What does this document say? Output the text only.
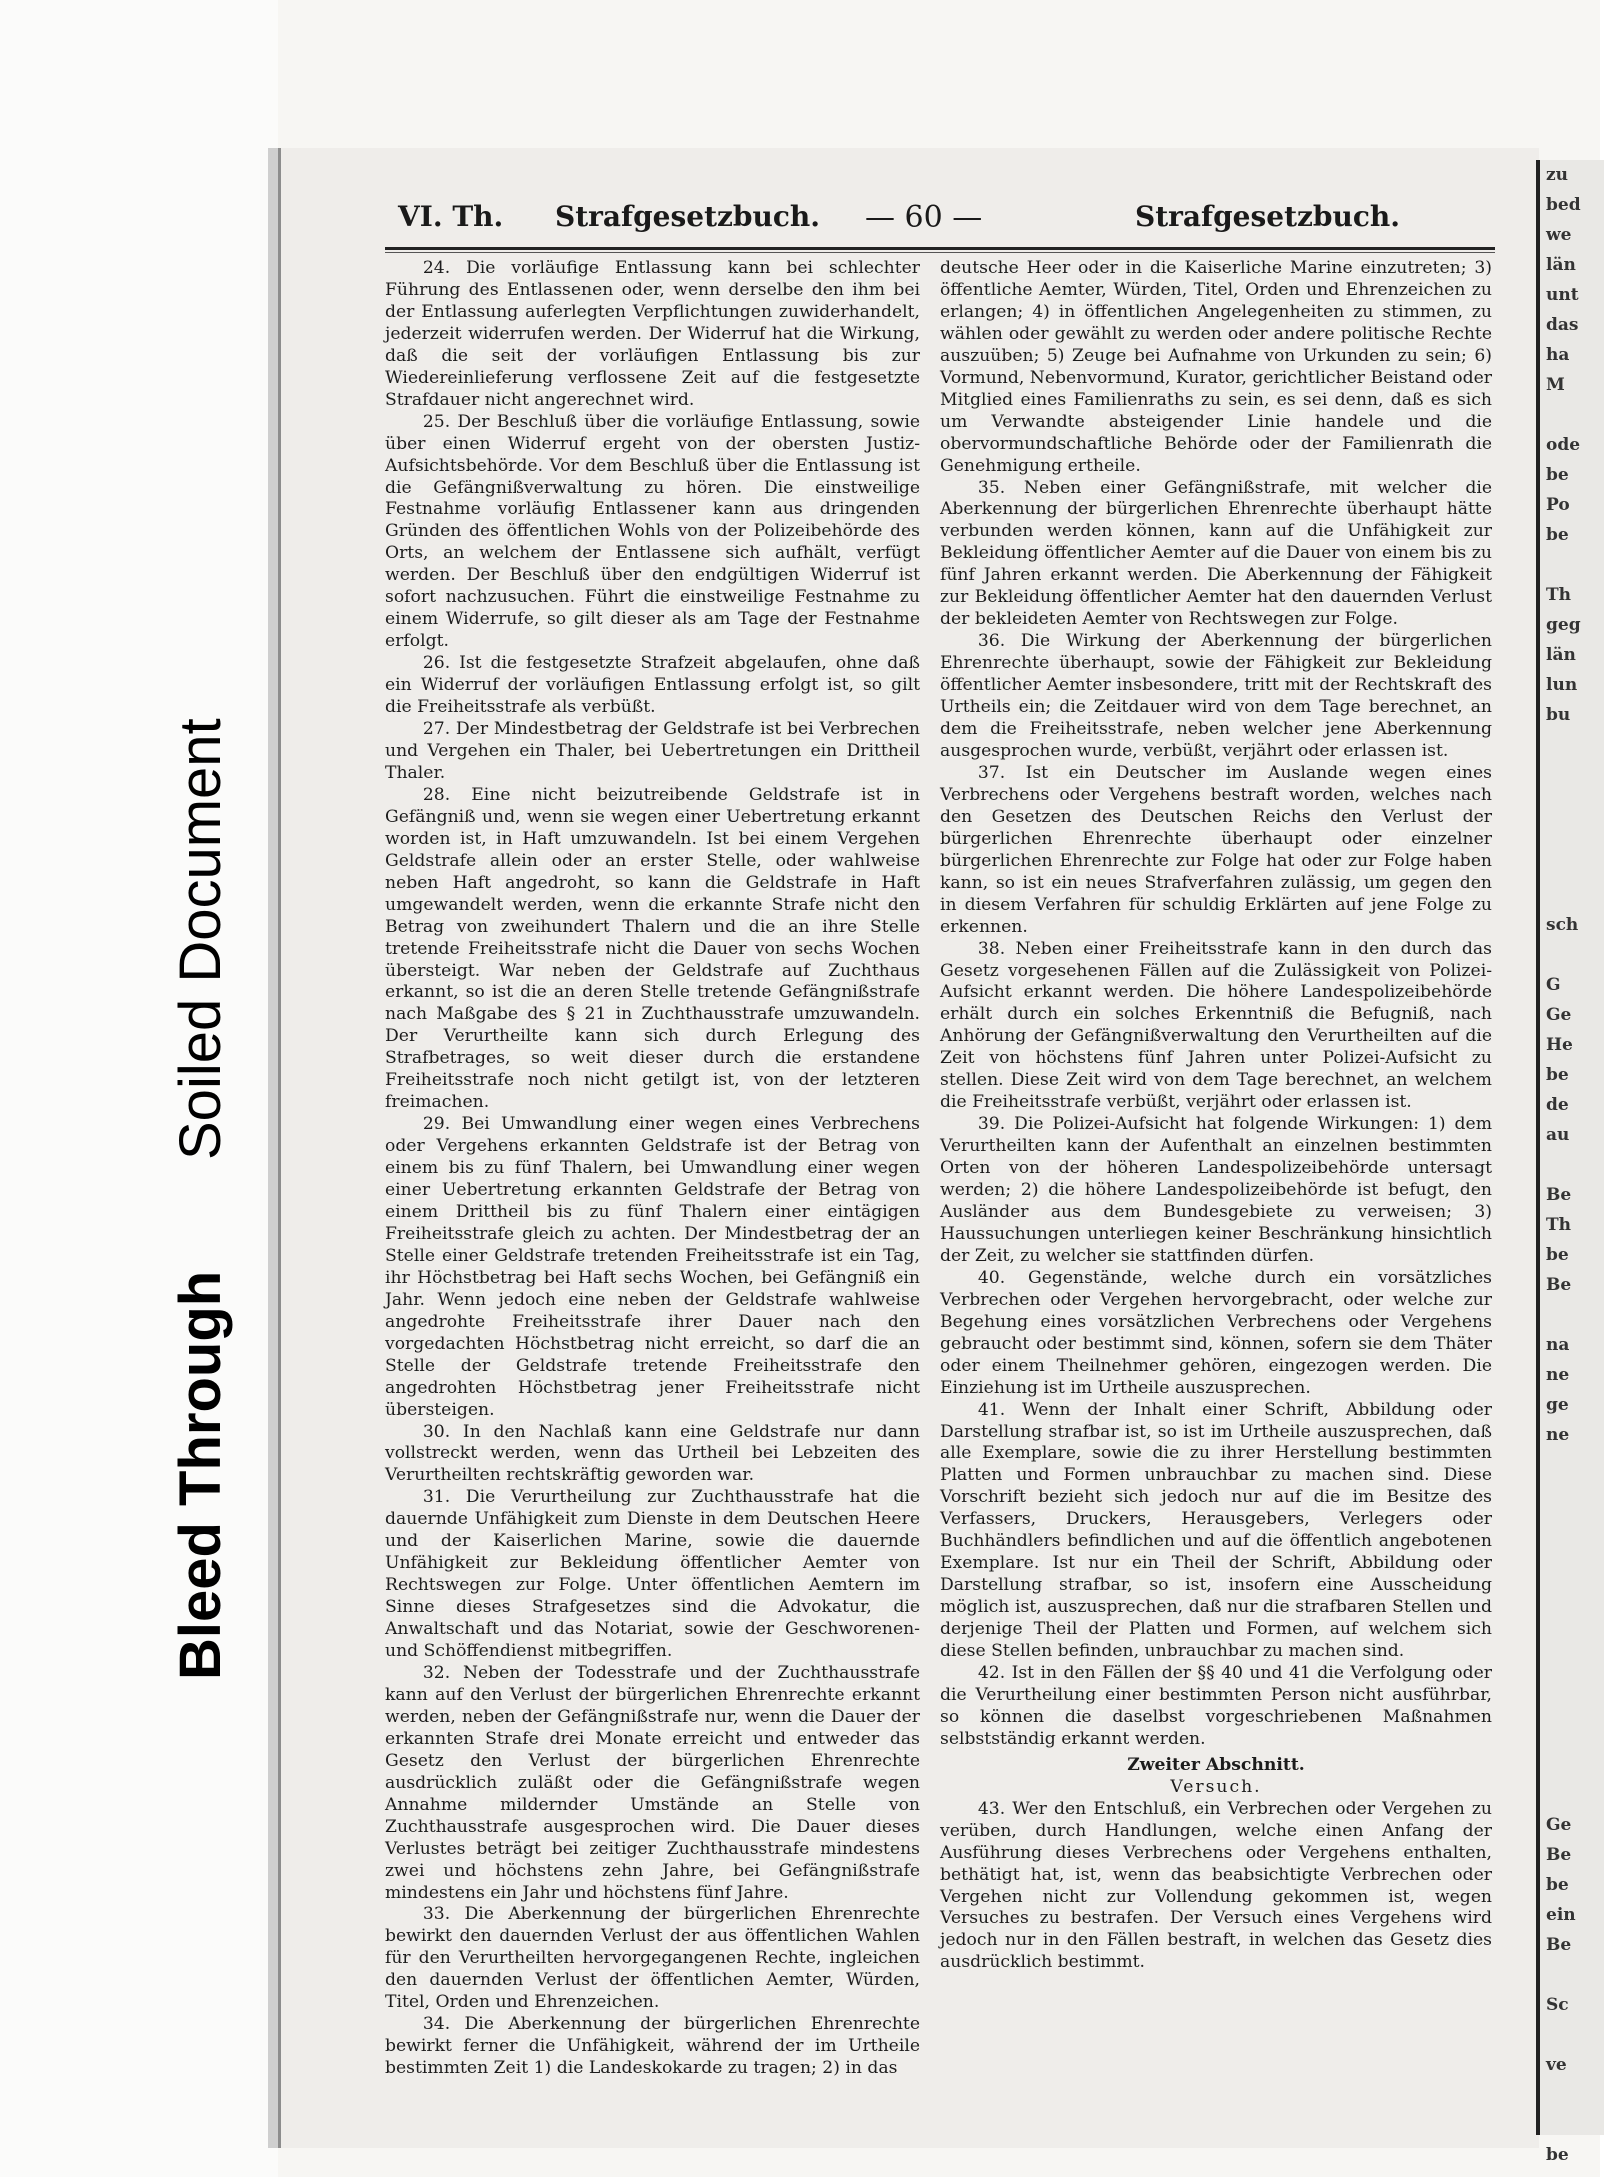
Bleed Through
Soiled Document
zu
bed
we
län
unt
das
ha
M

ode
be
Po
be

Th
geg
län
lun
bu

sch

G
Ge
He
be
de
au

Be
Th
be
Be

na
ne
ge
ne

Ge
Be
be
ein
Be

Sc

ve

be
VI. Th. Strafgesetzbuch. — 60 —	Strafgesetzbuch.

24. Die vorläufige Entlassung kann bei schlechter Führung des Entlassenen oder, wenn derselbe den ihm bei der Entlassung auferlegten Verpflichtungen zuwiderhandelt, jederzeit widerrufen werden. Der Widerruf hat die Wirkung, daß die seit der vorläufigen Entlassung bis zur Wiedereinlieferung verflossene Zeit auf die festgesetzte Strafdauer nicht angerechnet wird.

25. Der Beschluß über die vorläufige Entlassung, sowie über einen Widerruf ergeht von der obersten Justiz-Aufsichtsbehörde. Vor dem Beschluß über die Entlassung ist die Gefängnißverwaltung zu hören. Die einstweilige Festnahme vorläufig Entlassener kann aus dringenden Gründen des öffentlichen Wohls von der Polizeibehörde des Orts, an welchem der Entlassene sich aufhält, verfügt werden. Der Beschluß über den endgültigen Widerruf ist sofort nachzusuchen. Führt die einstweilige Festnahme zu einem Widerrufe, so gilt dieser als am Tage der Festnahme erfolgt.

26. Ist die festgesetzte Strafzeit abgelaufen, ohne daß ein Widerruf der vorläufigen Entlassung erfolgt ist, so gilt die Freiheitsstrafe als verbüßt.

27. Der Mindestbetrag der Geldstrafe ist bei Verbrechen und Vergehen ein Thaler, bei Uebertretungen ein Drittheil Thaler.

28. Eine nicht beizutreibende Geldstrafe ist in Gefängniß und, wenn sie wegen einer Uebertretung erkannt worden ist, in Haft umzuwandeln. Ist bei einem Vergehen Geldstrafe allein oder an erster Stelle, oder wahlweise neben Haft angedroht, so kann die Geldstrafe in Haft umgewandelt werden, wenn die erkannte Strafe nicht den Betrag von zweihundert Thalern und die an ihre Stelle tretende Freiheitsstrafe nicht die Dauer von sechs Wochen übersteigt. War neben der Geldstrafe auf Zuchthaus erkannt, so ist die an deren Stelle tretende Gefängnißstrafe nach Maßgabe des § 21 in Zuchthausstrafe umzuwandeln. Der Verurtheilte kann sich durch Erlegung des Strafbetrages, so weit dieser durch die erstandene Freiheitsstrafe noch nicht getilgt ist, von der letzteren freimachen.

29. Bei Umwandlung einer wegen eines Verbrechens oder Vergehens erkannten Geldstrafe ist der Betrag von einem bis zu fünf Thalern, bei Umwandlung einer wegen einer Uebertretung erkannten Geldstrafe der Betrag von einem Drittheil bis zu fünf Thalern einer eintägigen Freiheitsstrafe gleich zu achten. Der Mindestbetrag der an Stelle einer Geldstrafe tretenden Freiheitsstrafe ist ein Tag, ihr Höchstbetrag bei Haft sechs Wochen, bei Gefängniß ein Jahr. Wenn jedoch eine neben der Geldstrafe wahlweise angedrohte Freiheitsstrafe ihrer Dauer nach den vorgedachten Höchstbetrag nicht erreicht, so darf die an Stelle der Geldstrafe tretende Freiheitsstrafe den angedrohten Höchstbetrag jener Freiheitsstrafe nicht übersteigen.

30. In den Nachlaß kann eine Geldstrafe nur dann vollstreckt werden, wenn das Urtheil bei Lebzeiten des Verurtheilten rechtskräftig geworden war.

31. Die Verurtheilung zur Zuchthausstrafe hat die dauernde Unfähigkeit zum Dienste in dem Deutschen Heere und der Kaiserlichen Marine, sowie die dauernde Unfähigkeit zur Bekleidung öffentlicher Aemter von Rechtswegen zur Folge. Unter öffentlichen Aemtern im Sinne dieses Strafgesetzes sind die Advokatur, die Anwaltschaft und das Notariat, sowie der Geschworenen- und Schöffendienst mitbegriffen.

32. Neben der Todesstrafe und der Zuchthausstrafe kann auf den Verlust der bürgerlichen Ehrenrechte erkannt werden, neben der Gefängnißstrafe nur, wenn die Dauer der erkannten Strafe drei Monate erreicht und entweder das Gesetz den Verlust der bürgerlichen Ehrenrechte ausdrücklich zuläßt oder die Gefängnißstrafe wegen Annahme mildernder Umstände an Stelle von Zuchthausstrafe ausgesprochen wird. Die Dauer dieses Verlustes beträgt bei zeitiger Zuchthausstrafe mindestens zwei und höchstens zehn Jahre, bei Gefängnißstrafe mindestens ein Jahr und höchstens fünf Jahre.

33. Die Aberkennung der bürgerlichen Ehrenrechte bewirkt den dauernden Verlust der aus öffentlichen Wahlen für den Verurtheilten hervorgegangenen Rechte, ingleichen den dauernden Verlust der öffentlichen Aemter, Würden, Titel, Orden und Ehrenzeichen.

34. Die Aberkennung der bürgerlichen Ehrenrechte bewirkt ferner die Unfähigkeit, während der im Urtheile bestimmten Zeit 1) die Landeskokarde zu tragen; 2) in das

deutsche Heer oder in die Kaiserliche Marine einzutreten; 3) öffentliche Aemter, Würden, Titel, Orden und Ehrenzeichen zu erlangen; 4) in öffentlichen Angelegenheiten zu stimmen, zu wählen oder gewählt zu werden oder andere politische Rechte auszuüben; 5) Zeuge bei Aufnahme von Urkunden zu sein; 6) Vormund, Nebenvormund, Kurator, gerichtlicher Beistand oder Mitglied eines Familienraths zu sein, es sei denn, daß es sich um Verwandte absteigender Linie handele und die obervormundschaftliche Behörde oder der Familienrath die Genehmigung ertheile.

35. Neben einer Gefängnißstrafe, mit welcher die Aberkennung der bürgerlichen Ehrenrechte überhaupt hätte verbunden werden können, kann auf die Unfähigkeit zur Bekleidung öffentlicher Aemter auf die Dauer von einem bis zu fünf Jahren erkannt werden. Die Aberkennung der Fähigkeit zur Bekleidung öffentlicher Aemter hat den dauernden Verlust der bekleideten Aemter von Rechtswegen zur Folge.

36. Die Wirkung der Aberkennung der bürgerlichen Ehrenrechte überhaupt, sowie der Fähigkeit zur Bekleidung öffentlicher Aemter insbesondere, tritt mit der Rechtskraft des Urtheils ein; die Zeitdauer wird von dem Tage berechnet, an dem die Freiheitsstrafe, neben welcher jene Aberkennung ausgesprochen wurde, verbüßt, verjährt oder erlassen ist.

37. Ist ein Deutscher im Auslande wegen eines Verbrechens oder Vergehens bestraft worden, welches nach den Gesetzen des Deutschen Reichs den Verlust der bürgerlichen Ehrenrechte überhaupt oder einzelner bürgerlichen Ehrenrechte zur Folge hat oder zur Folge haben kann, so ist ein neues Strafverfahren zulässig, um gegen den in diesem Verfahren für schuldig Erklärten auf jene Folge zu erkennen.

38. Neben einer Freiheitsstrafe kann in den durch das Gesetz vorgesehenen Fällen auf die Zulässigkeit von Polizei-Aufsicht erkannt werden. Die höhere Landespolizeibehörde erhält durch ein solches Erkenntniß die Befugniß, nach Anhörung der Gefängnißverwaltung den Verurtheilten auf die Zeit von höchstens fünf Jahren unter Polizei-Aufsicht zu stellen. Diese Zeit wird von dem Tage berechnet, an welchem die Freiheitsstrafe verbüßt, verjährt oder erlassen ist.

39. Die Polizei-Aufsicht hat folgende Wirkungen: 1) dem Verurtheilten kann der Aufenthalt an einzelnen bestimmten Orten von der höheren Landespolizeibehörde untersagt werden; 2) die höhere Landespolizeibehörde ist befugt, den Ausländer aus dem Bundesgebiete zu verweisen; 3) Haussuchungen unterliegen keiner Beschränkung hinsichtlich der Zeit, zu welcher sie stattfinden dürfen.

40. Gegenstände, welche durch ein vorsätzliches Verbrechen oder Vergehen hervorgebracht, oder welche zur Begehung eines vorsätzlichen Verbrechens oder Vergehens gebraucht oder bestimmt sind, können, sofern sie dem Thäter oder einem Theilnehmer gehören, eingezogen werden. Die Einziehung ist im Urtheile auszusprechen.

41. Wenn der Inhalt einer Schrift, Abbildung oder Darstellung strafbar ist, so ist im Urtheile auszusprechen, daß alle Exemplare, sowie die zu ihrer Herstellung bestimmten Platten und Formen unbrauchbar zu machen sind. Diese Vorschrift bezieht sich jedoch nur auf die im Besitze des Verfassers, Druckers, Herausgebers, Verlegers oder Buchhändlers befindlichen und auf die öffentlich angebotenen Exemplare. Ist nur ein Theil der Schrift, Abbildung oder Darstellung strafbar, so ist, insofern eine Ausscheidung möglich ist, auszusprechen, daß nur die strafbaren Stellen und derjenige Theil der Platten und Formen, auf welchem sich diese Stellen befinden, unbrauchbar zu machen sind.

42. Ist in den Fällen der §§ 40 und 41 die Verfolgung oder die Verurtheilung einer bestimmten Person nicht ausführbar, so können die daselbst vorgeschriebenen Maßnahmen selbstständig erkannt werden.

Zweiter Abschnitt.

Versuch.

43. Wer den Entschluß, ein Verbrechen oder Vergehen zu verüben, durch Handlungen, welche einen Anfang der Ausführung dieses Verbrechens oder Vergehens enthalten, bethätigt hat, ist, wenn das beabsichtigte Verbrechen oder Vergehen nicht zur Vollendung gekommen ist, wegen Versuches zu bestrafen. Der Versuch eines Vergehens wird jedoch nur in den Fällen bestraft, in welchen das Gesetz dies ausdrücklich bestimmt.
